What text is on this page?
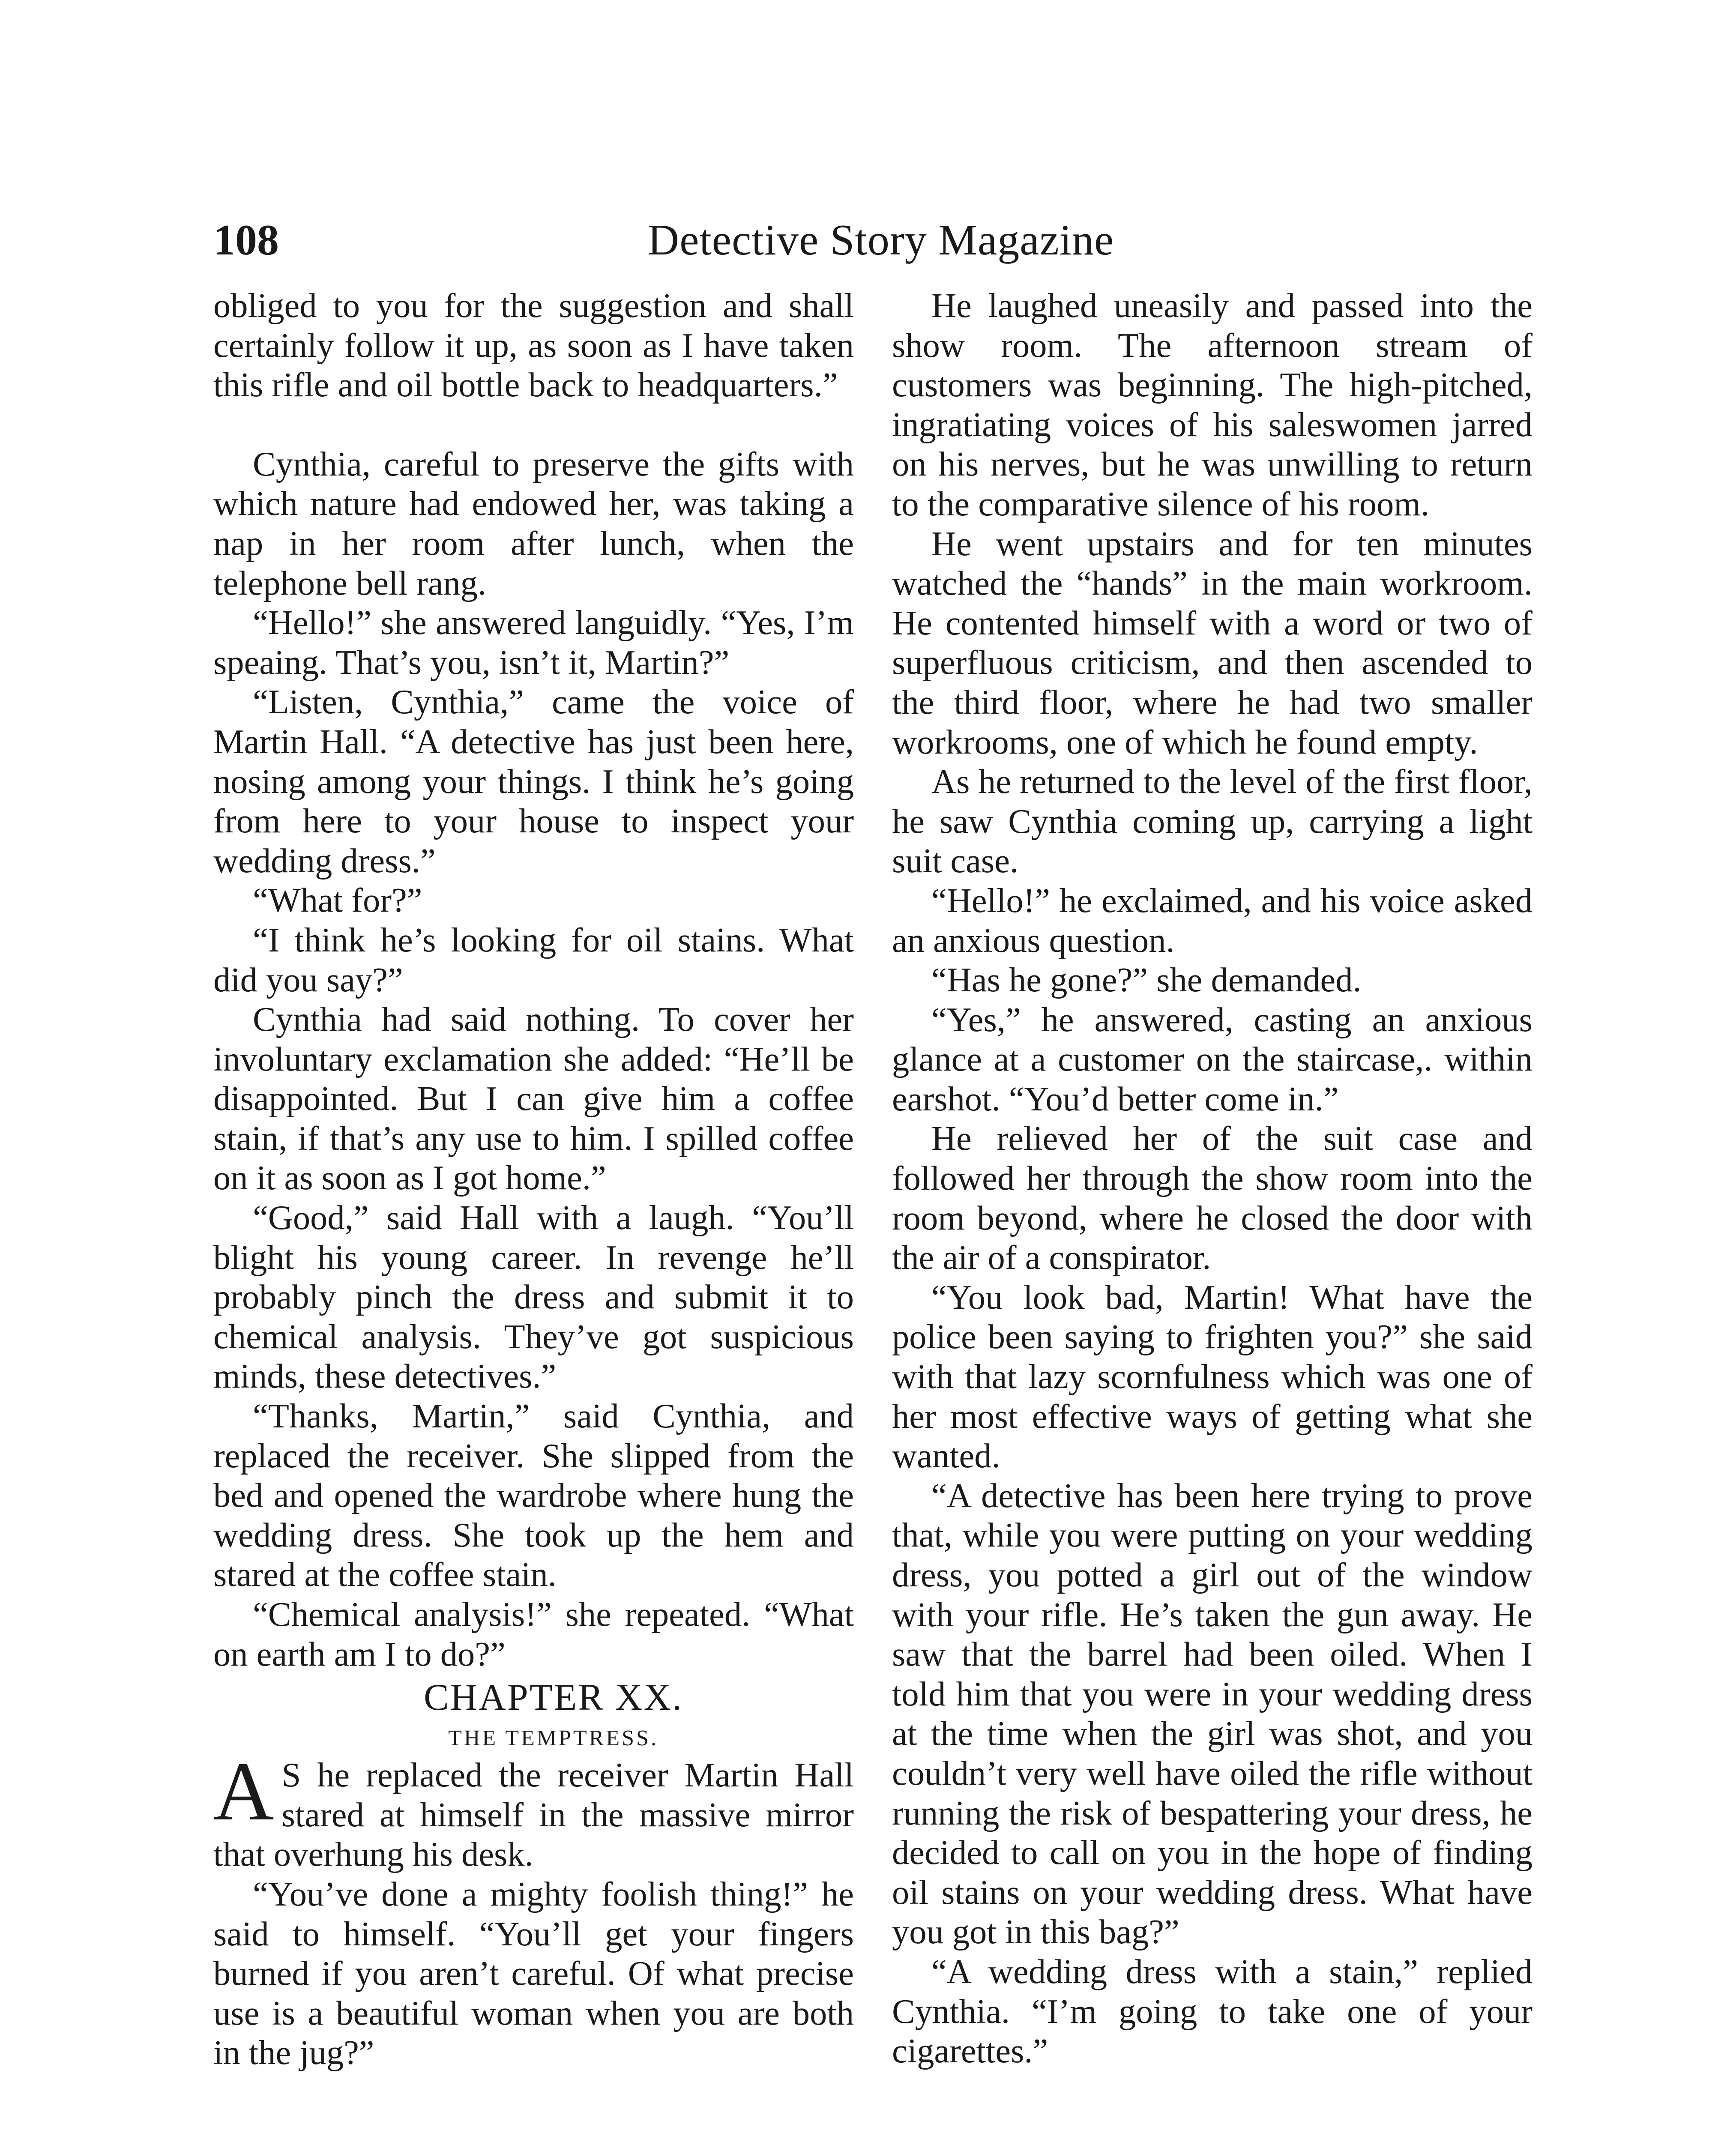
108	Detective Story Magazine

obliged to you for the suggestion and shall certainly follow it up, as soon as I have taken this rifle and oil bottle back to headquarters.”

Cynthia, careful to preserve the gifts with which nature had endowed her, was taking a nap in her room after lunch, when the telephone bell rang.

“Hello!” she answered languidly. “Yes, I’m speaing. That’s you, isn’t it, Martin?”

“Listen, Cynthia,” came the voice of Martin Hall. “A detective has just been here, nosing among your things. I think he’s going from here to your house to inspect your wedding dress.”

“What for?”

“I think he’s looking for oil stains. What did you say?”

Cynthia had said nothing. To cover her involuntary exclamation she added: “He’ll be disappointed. But I can give him a coffee stain, if that’s any use to him. I spilled coffee on it as soon as I got home.”

“Good,” said Hall with a laugh. “You’ll blight his young career. In revenge he’ll probably pinch the dress and submit it to chemical analysis. They’ve got suspicious minds, these detectives.”

“Thanks, Martin,” said Cynthia, and replaced the receiver. She slipped from the bed and opened the wardrobe where hung the wedding dress. She took up the hem and stared at the coffee stain.

“Chemical analysis!” she repeated. “What on earth am I to do?”

CHAPTER XX.

THE TEMPTRESS.

A S he replaced the receiver Martin Hall stared at himself in the massive mirror that overhung his desk.

“You’ve done a mighty foolish thing!” he said to himself. “You’ll get your fingers burned if you aren’t careful. Of what precise use is a beautiful woman when you are both in the jug?”

He laughed uneasily and passed into the show room. The afternoon stream of customers was beginning. The high-pitched, ingratiating voices of his saleswomen jarred on his nerves, but he was unwilling to return to the comparative silence of his room.

He went upstairs and for ten minutes watched the “hands” in the main workroom. He contented himself with a word or two of superfluous criticism, and then ascended to the third floor, where he had two smaller workrooms, one of which he found empty.

As he returned to the level of the first floor, he saw Cynthia coming up, carrying a light suit case.

“Hello!” he exclaimed, and his voice asked an anxious question.

“Has he gone?” she demanded.

“Yes,” he answered, casting an anxious glance at a customer on the staircase,. within earshot. “You’d better come in.”

He relieved her of the suit case and followed her through the show room into the room beyond, where he closed the door with the air of a conspirator.

“You look bad, Martin! What have the police been saying to frighten you?” she said with that lazy scornfulness which was one of her most effective ways of getting what she wanted.

“A detective has been here trying to prove that, while you were putting on your wedding dress, you potted a girl out of the window with your rifle. He’s taken the gun away. He saw that the barrel had been oiled. When I told him that you were in your wedding dress at the time when the girl was shot, and you couldn’t very well have oiled the rifle without running the risk of bespattering your dress, he decided to call on you in the hope of finding oil stains on your wedding dress. What have you got in this bag?”

“A wedding dress with a stain,” replied Cynthia. “I’m going to take one of your cigarettes.”
